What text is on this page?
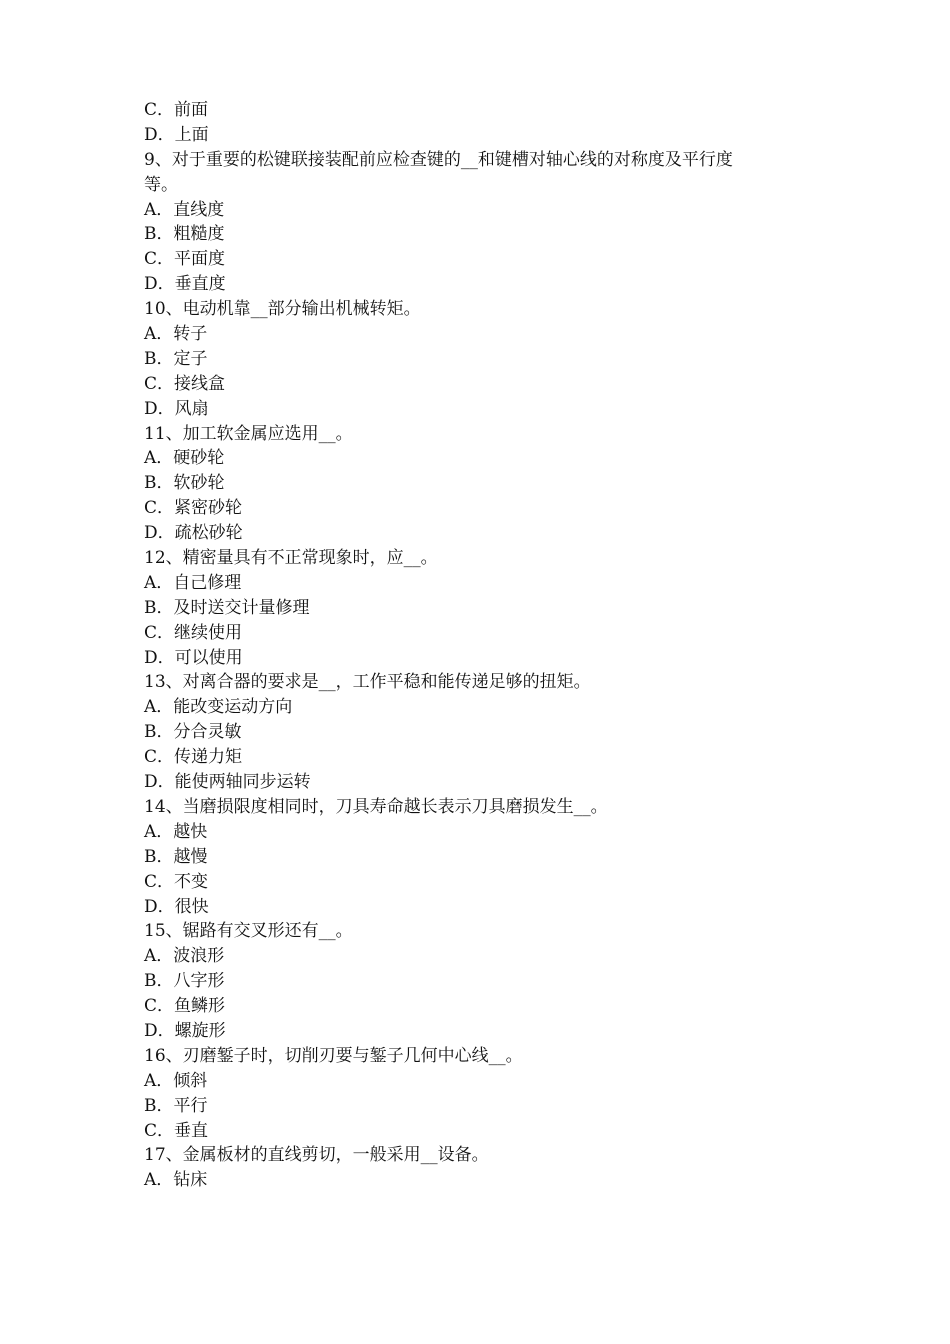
C．前面
D．上面
9、对于重要的松键联接装配前应检查键的__和键槽对轴心线的对称度及平行度
等。
A．直线度
B．粗糙度
C．平面度
D．垂直度
10、电动机靠__部分输出机械转矩。
A．转子
B．定子
C．接线盒
D．风扇
11、加工软金属应选用__。
A．硬砂轮
B．软砂轮
C．紧密砂轮
D．疏松砂轮
12、精密量具有不正常现象时，应__。
A．自己修理
B．及时送交计量修理
C．继续使用
D．可以使用
13、对离合器的要求是__，工作平稳和能传递足够的扭矩。
A．能改变运动方向
B．分合灵敏
C．传递力矩
D．能使两轴同步运转
14、当磨损限度相同时，刀具寿命越长表示刀具磨损发生__。
A．越快
B．越慢
C．不变
D．很快
15、锯路有交叉形还有__。
A．波浪形
B．八字形
C．鱼鳞形
D．螺旋形
16、刃磨錾子时，切削刃要与錾子几何中心线__。
A．倾斜
B．平行
C．垂直
17、金属板材的直线剪切，一般采用__设备。
A．钻床
